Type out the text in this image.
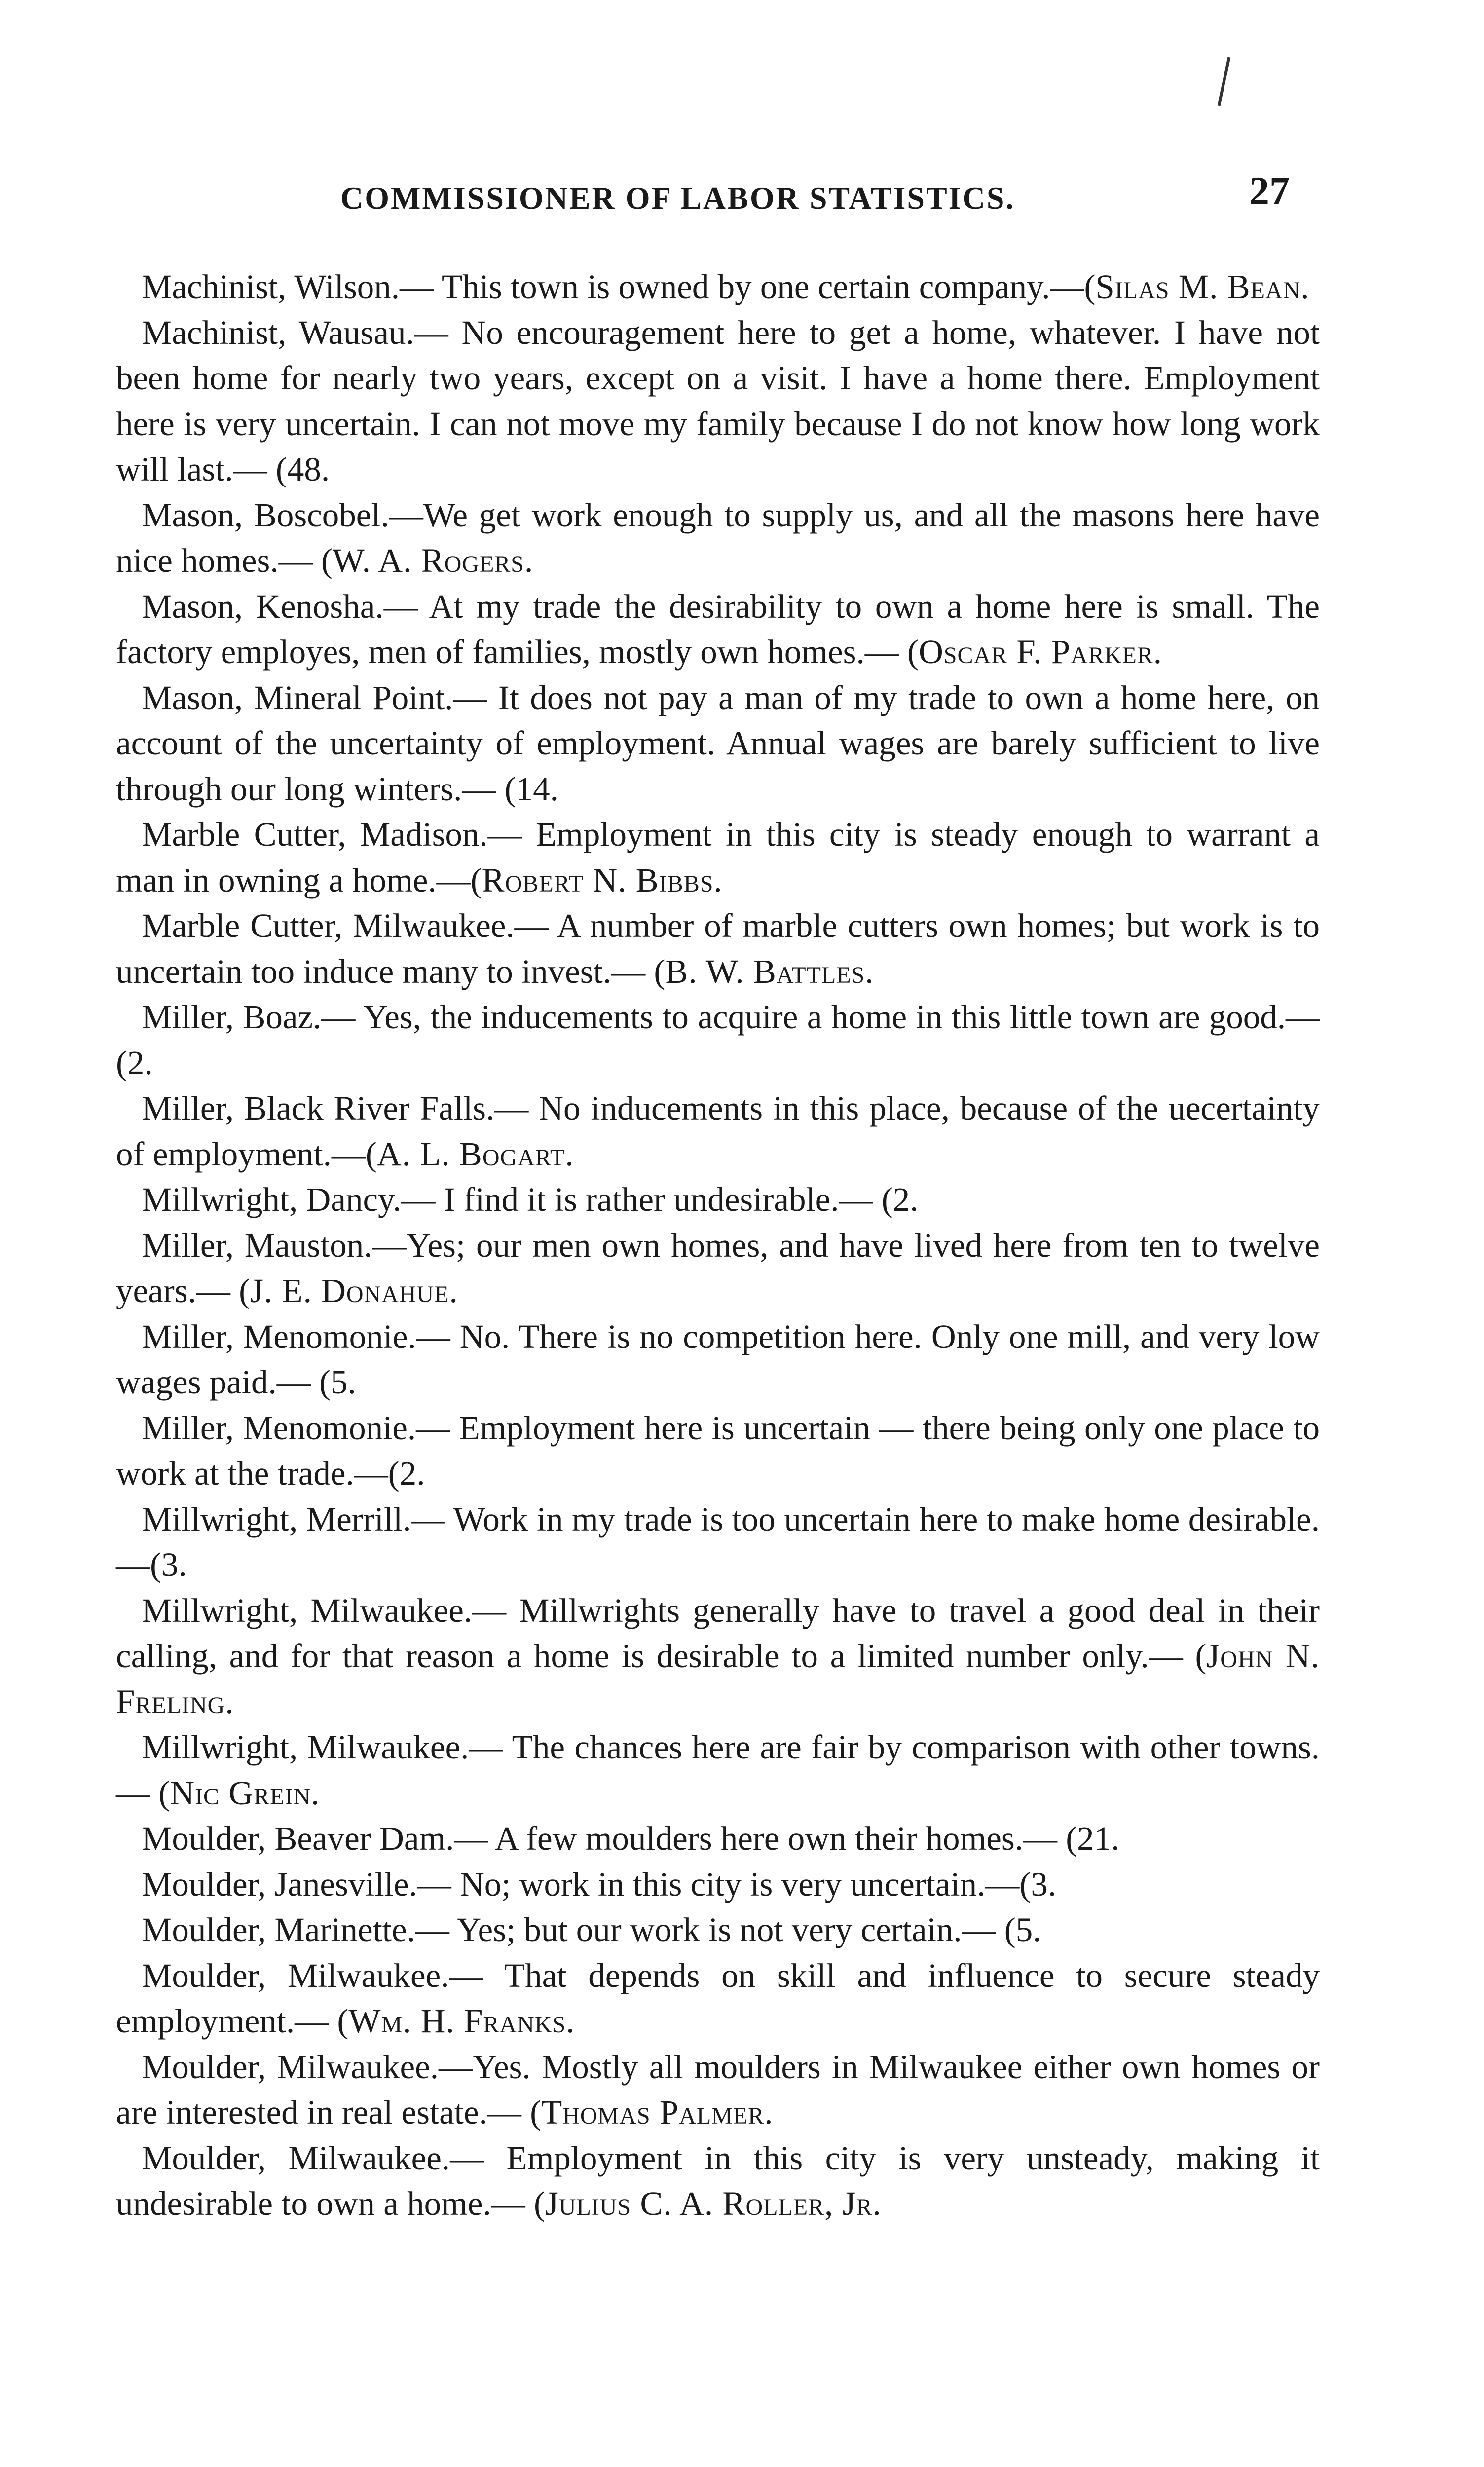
COMMISSIONER OF LABOR STATISTICS.	27

Machinist, Wilson.— This town is owned by one certain company.—(Silas M. Bean.

Machinist, Wausau.— No encouragement here to get a home, whatever. I have not been home for nearly two years, except on a visit. I have a home there. Employment here is very uncertain. I can not move my family because I do not know how long work will last.— (48.

Mason, Boscobel.—We get work enough to supply us, and all the masons here have nice homes.— (W. A. Rogers.

Mason, Kenosha.— At my trade the desirability to own a home here is small. The factory employes, men of families, mostly own homes.— (Oscar F. Parker.

Mason, Mineral Point.— It does not pay a man of my trade to own a home here, on account of the uncertainty of employment. Annual wages are barely sufficient to live through our long winters.— (14.

Marble Cutter, Madison.— Employment in this city is steady enough to warrant a man in owning a home.—(Robert N. Bibbs.

Marble Cutter, Milwaukee.— A number of marble cutters own homes; but work is to uncertain too induce many to invest.— (B. W. Battles.

Miller, Boaz.— Yes, the inducements to acquire a home in this little town are good.— (2.

Miller, Black River Falls.— No inducements in this place, because of the uecertainty of employment.—(A. L. Bogart.

Millwright, Dancy.— I find it is rather undesirable.— (2.

Miller, Mauston.—Yes; our men own homes, and have lived here from ten to twelve years.— (J. E. Donahue.

Miller, Menomonie.— No. There is no competition here. Only one mill, and very low wages paid.— (5.

Miller, Menomonie.— Employment here is uncertain — there being only one place to work at the trade.—(2.

Millwright, Merrill.— Work in my trade is too uncertain here to make home desirable.—(3.

Millwright, Milwaukee.— Millwrights generally have to travel a good deal in their calling, and for that reason a home is desirable to a limited number only.— (John N. Freling.

Millwright, Milwaukee.— The chances here are fair by comparison with other towns.— (Nic Grein.

Moulder, Beaver Dam.— A few moulders here own their homes.— (21.

Moulder, Janesville.— No; work in this city is very uncertain.—(3.

Moulder, Marinette.— Yes; but our work is not very certain.— (5.

Moulder, Milwaukee.— That depends on skill and influence to secure steady employment.— (Wm. H. Franks.

Moulder, Milwaukee.—Yes. Mostly all moulders in Milwaukee either own homes or are interested in real estate.— (Thomas Palmer.

Moulder, Milwaukee.— Employment in this city is very unsteady, making it undesirable to own a home.— (Julius C. A. Roller, Jr.
